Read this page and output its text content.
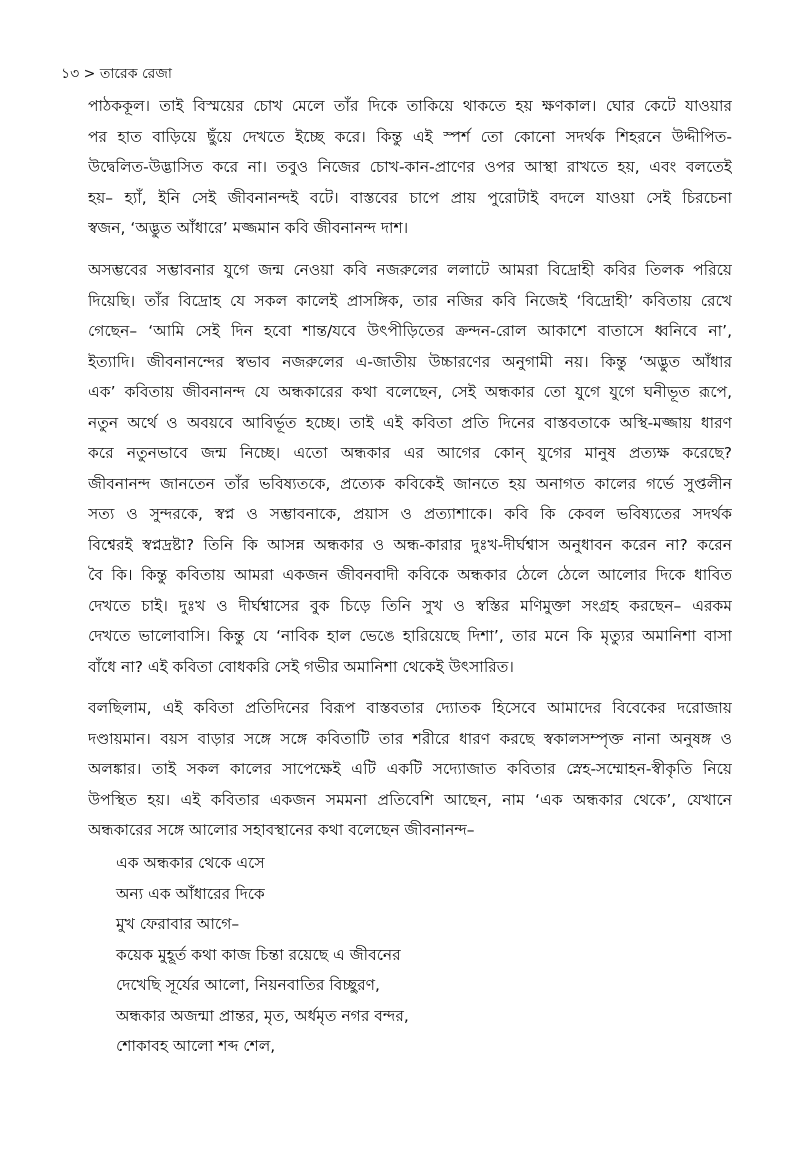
১৩ > তারেক রেজা
পাঠককূল। তাই বিস্ময়ের চোখ মেলে তাঁর দিকে তাকিয়ে থাকতে হয় ক্ষণকাল। ঘোর কেটে যাওয়ার
পর হাত বাড়িয়ে ছুঁয়ে দেখতে ইচ্ছে করে। কিন্তু এই স্পর্শ তো কোনো সদর্থক শিহরনে উদ্দীপিত-
উদ্বেলিত-উদ্ভাসিত করে না। তবুও নিজের চোখ-কান-প্রাণের ওপর আস্থা রাখতে হয়, এবং বলতেই
হয়– হ্যাঁ, ইনি সেই জীবনানন্দই বটে। বাস্তবের চাপে প্রায় পুরোটাই বদলে যাওয়া সেই চিরচেনা
স্বজন, ‘অদ্ভুত আঁধারে’ মজ্জমান কবি জীবনানন্দ দাশ।
অসম্ভবের সম্ভাবনার যুগে জন্ম নেওয়া কবি নজরুলের ললাটে আমরা বিদ্রোহী কবির তিলক পরিয়ে
দিয়েছি। তাঁর বিদ্রোহ যে সকল কালেই প্রাসঙ্গিক, তার নজির কবি নিজেই ‘বিদ্রোহী’ কবিতায় রেখে
গেছেন– ‘আমি সেই দিন হবো শান্ত/যবে উৎপীড়িতের ক্রন্দন-রোল আকাশে বাতাসে ধ্বনিবে না’,
ইত্যাদি। জীবনানন্দের স্বভাব নজরুলের এ-জাতীয় উচ্চারণের অনুগামী নয়। কিন্তু ‘অদ্ভুত আঁধার
এক’ কবিতায় জীবনানন্দ যে অন্ধকারের কথা বলেছেন, সেই অন্ধকার তো যুগে যুগে ঘনীভূত রূপে,
নতুন অর্থে ও অবয়বে আবির্ভূত হচ্ছে। তাই এই কবিতা প্রতি দিনের বাস্তবতাকে অস্থি-মজ্জায় ধারণ
করে নতুনভাবে জন্ম নিচ্ছে। এতো অন্ধকার এর আগের কোন্ যুগের মানুষ প্রত্যক্ষ করেছে?
জীবনানন্দ জানতেন তাঁর ভবিষ্যতকে, প্রত্যেক কবিকেই জানতে হয় অনাগত কালের গর্ভে সুপ্তলীন
সত্য ও সুন্দরকে, স্বপ্ন ও সম্ভাবনাকে, প্রয়াস ও প্রত্যাশাকে। কবি কি কেবল ভবিষ্যতের সদর্থক
বিশ্বেরই স্বপ্নদ্রষ্টা? তিনি কি আসন্ন অন্ধকার ও অন্ধ-কারার দুঃখ-দীর্ঘশ্বাস অনুধাবন করেন না? করেন
বৈ কি। কিন্তু কবিতায় আমরা একজন জীবনবাদী কবিকে অন্ধকার ঠেলে ঠেলে আলোর দিকে ধাবিত
দেখতে চাই। দুঃখ ও দীর্ঘশ্বাসের বুক চিড়ে তিনি সুখ ও স্বস্তির মণিমুক্তা সংগ্রহ করছেন– এরকম
দেখতে ভালোবাসি। কিন্তু যে ‘নাবিক হাল ভেঙে হারিয়েছে দিশা’, তার মনে কি মৃত্যুর অমানিশা বাসা
বাঁধে না? এই কবিতা বোধকরি সেই গভীর অমানিশা থেকেই উৎসারিত।
বলছিলাম, এই কবিতা প্রতিদিনের বিরূপ বাস্তবতার দ্যোতক হিসেবে আমাদের বিবেকের দরোজায়
দণ্ডায়মান। বয়স বাড়ার সঙ্গে সঙ্গে কবিতাটি তার শরীরে ধারণ করছে স্বকালসম্পৃক্ত নানা অনুষঙ্গ ও
অলঙ্কার। তাই সকল কালের সাপেক্ষেই এটি একটি সদ্যোজাত কবিতার স্নেহ-সম্মোহন-স্বীকৃতি নিয়ে
উপস্থিত হয়। এই কবিতার একজন সমমনা প্রতিবেশি আছেন, নাম ‘এক অন্ধকার থেকে’, যেখানে
অন্ধকারের সঙ্গে আলোর সহাবস্থানের কথা বলেছেন জীবনানন্দ–
এক অন্ধকার থেকে এসে
অন্য এক আঁধারের দিকে
মুখ ফেরাবার আগে–
কয়েক মুহূর্ত কথা কাজ চিন্তা রয়েছে এ জীবনের
দেখেছি সূর্যের আলো, নিয়নবাতির বিচ্ছুরণ,
অন্ধকার অজন্মা প্রান্তর, মৃত, অর্ধমৃত নগর বন্দর,
শোকাবহ আলো শব্দ শেল,
